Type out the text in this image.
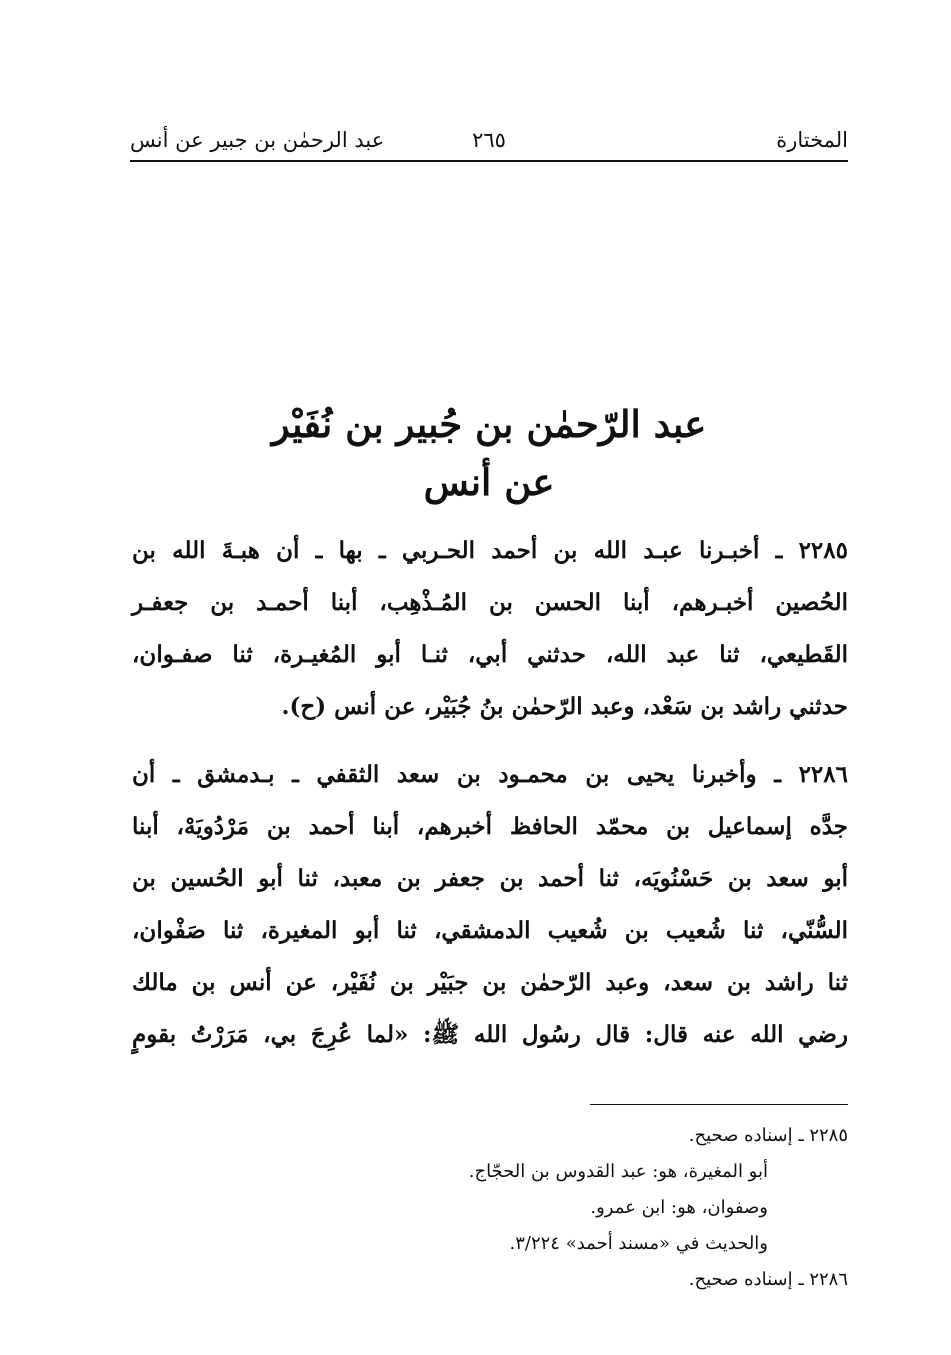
المختارة
٢٦٥
عبد الرحمٰن بن جبير عن أنس
عبد الرّحمٰن بن جُبير بن نُفَيْر
عن أنس
٢٢٨٥ ـ أخبـرنا عبـد الله بن أحمد الحـربي ـ بها ـ أن هبـةَ الله بن
الحُصين أخبـرهم، أبنا الحسن بن المُـذْهِب، أبنا أحمـد بن جعفـر
القَطيعي، ثنا عبد الله، حدثني أبي، ثنـا أبو المُغيـرة، ثنا صفـوان،
حدثني راشد بن سَعْد، وعبد الرّحمٰن بنُ جُبَيْر، عن أنس (ح).
٢٢٨٦ ـ وأخبرنا يحيى بن محمـود بن سعد الثقفي ـ بـدمشق ـ أن
جدَّه إسماعيل بن محمّد الحافظ أخبرهم، أبنا أحمد بن مَرْدُويَهْ، أبنا
أبو سعد بن حَسْنُويَه، ثنا أحمد بن جعفر بن معبد، ثنا أبو الحُسين بن
السُّنّي، ثنا شُعيب بن شُعيب الدمشقي، ثنا أبو المغيرة، ثنا صَفْوان،
ثنا راشد بن سعد، وعبد الرّحمٰن بن جبَيْر بن نُفَيْر، عن أنس بن مالك
رضي الله عنه قال: قال رسُول الله ﷺ: «لما عُرِجَ بي، مَرَرْتُ بقومٍ
٢٢٨٥ ـ إسناده صحيح.
أبو المغيرة، هو: عبد القدوس بن الحجّاج.
وصفوان، هو: ابن عمرو.
والحديث في «مسند أحمد» ٣/٢٢٤.
٢٢٨٦ ـ إسناده صحيح.
